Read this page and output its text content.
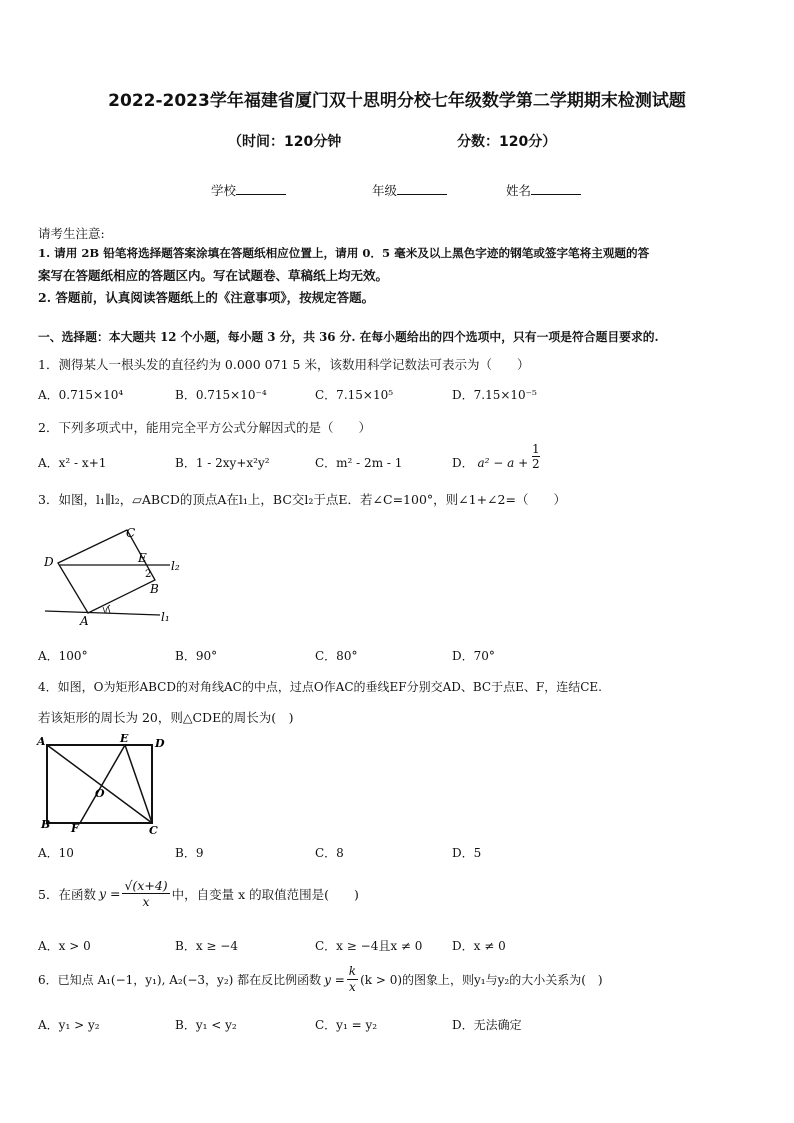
2022-2023学年福建省厦门双十思明分校七年级数学第二学期期末检测试题
（时间：120分钟	分数：120分）
学校	年级	姓名
请考生注意:
1. 请用 2B 铅笔将选择题答案涂填在答题纸相应位置上，请用 0．5 毫米及以上黑色字迹的钢笔或签字笔将主观题的答
案写在答题纸相应的答题区内。写在试题卷、草稿纸上均无效。
2. 答题前，认真阅读答题纸上的《注意事项》，按规定答题。
一、选择题：本大题共 12 个小题，每小题 3 分，共 36 分. 在每小题给出的四个选项中，只有一项是符合题目要求的.
1．测得某人一根头发的直径约为 0.000 071 5 米，该数用科学记数法可表示为（　　）
A．0.715×10⁴	B．0.715×10⁻⁴	C．7.15×10⁵	D．7.15×10⁻⁵
2．下列多项式中，能用完全平方公式分解因式的是（　　）
A．x² - x+1	B．1 - 2xy+x²y²	C．m² - 2m - 1	D． $a^2 - a + \frac{1}{2}$
3．如图，l₁∥l₂，▱ABCD的顶点A在l₁上，BC交l₂于点E．若∠C=100°，则∠1+∠2=（　　）
D
C
E
2
B
A
l₂
l₁
A．100°	B．90°	C．80°	D．70°
4．如图，O为矩形ABCD的对角线AC的中点，过点O作AC的垂线EF分别交AD、BC于点E、F，连结CE.
若该矩形的周长为 20，则△CDE的周长为(　)
A	E D
O
B F	C
A．10	B．9	C．8	D．5
5．在函数 $y = \frac{√(x+4)}{x}$ 中，自变量 x 的取值范围是(　　)
A．x > 0	B．x ≥ −4	C．x ≥ −4且x ≠ 0 D．x ≠ 0
6．已知点 A₁(−1，y₁), A₂(−3，y₂) 都在反比例函数 $y = \frac{k}{x} (k > 0)$的图象上，则y₁与y₂的大小关系为(　)
A．y₁ > y₂	B．y₁ < y₂	C．y₁ = y₂	D．无法确定
